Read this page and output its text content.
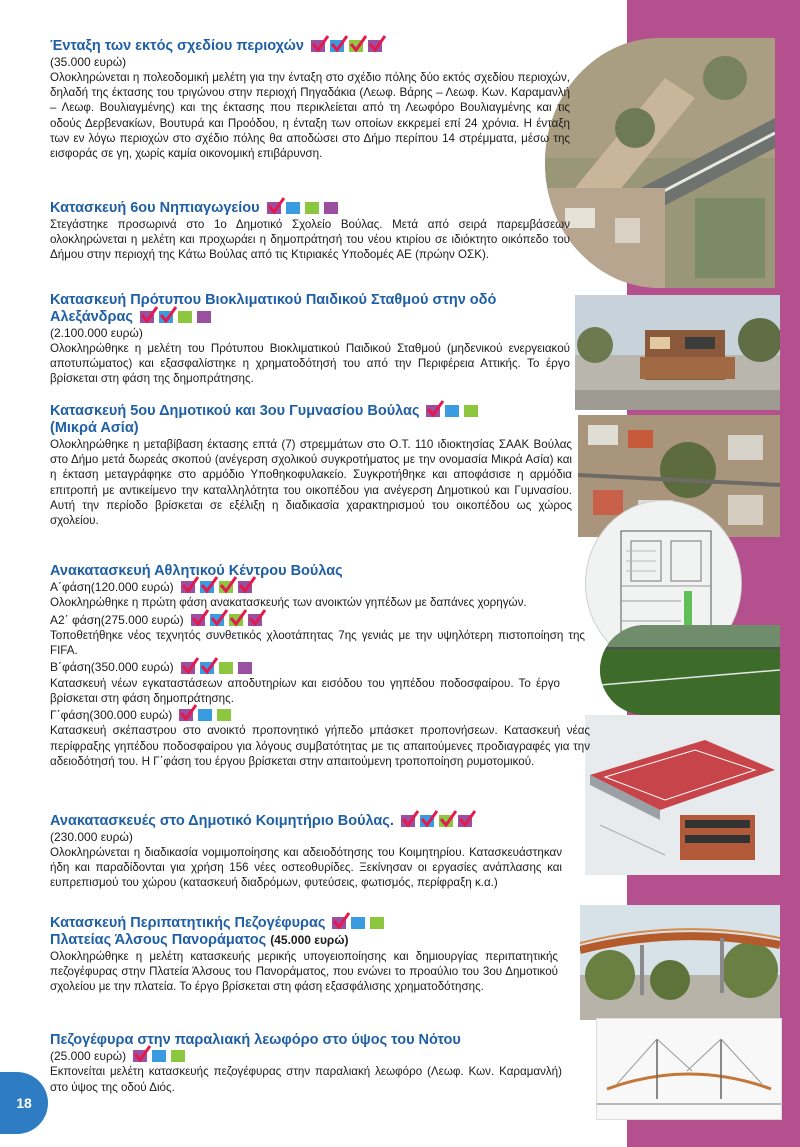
Ένταξη των εκτός σχεδίου περιοχών
(35.000 ευρώ)
Ολοκληρώνεται η πολεοδομική μελέτη για την ένταξη στο σχέδιο πόλης δύο εκτός σχεδίου περιοχών, δηλαδή της έκτασης του τριγώνου στην περιοχή Πηγαδάκια (Λεωφ. Βάρης – Λεωφ. Κων. Καραμανλή – Λεωφ. Βουλιαγμένης) και της έκτασης που περικλείεται από τη Λεωφόρο Βουλιαγμένης και τις οδούς Δερβενακίων, Βουτυρά και Προόδου, η ένταξη των οποίων εκκρεμεί επί 24 χρόνια. Η ένταξη των εν λόγω περιοχών στο σχέδιο πόλης θα αποδώσει στο Δήμο περίπου 14 στρέμματα, μέσω της εισφοράς σε γη, χωρίς καμία οικονομική επιβάρυνση.
Κατασκευή 6ου Νηπιαγωγείου
Στεγάστηκε προσωρινά στο 1ο Δημοτικό Σχολείο Βούλας. Μετά από σειρά παρεμβάσεων ολοκληρώνεται η μελέτη και προχωράει η δημοπράτησή του νέου κτιρίου σε ιδιόκτητο οικόπεδο του Δήμου στην περιοχή της Κάτω Βούλας από τις Κτιριακές Υποδομές ΑΕ (πρώην ΟΣΚ).
Κατασκευή Πρότυπου Βιοκλιματικού Παιδικού Σταθμού στην οδό
Αλεξάνδρας
(2.100.000 ευρώ)
Ολοκληρώθηκε η μελέτη του Πρότυπου Βιοκλιματικού Παιδικού Σταθμού (μηδενικού ενεργειακού αποτυπώματος) και εξασφαλίστηκε η χρηματοδότησή του από την Περιφέρεια Αττικής. Το έργο βρίσκεται στη φάση της δημοπράτησης.
Κατασκευή 5ου Δημοτικού και 3ου Γυμνασίου Βούλας
(Μικρά Ασία)
Ολοκληρώθηκε η μεταβίβαση έκτασης επτά (7) στρεμμάτων στο Ο.Τ. 110 ιδιοκτησίας ΣΑΑΚ Βούλας στο Δήμο μετά δωρεάς σκοπού (ανέγερση σχολικού συγκροτήματος με την ονομασία Μικρά Ασία) και η έκταση μεταγράφηκε στο αρμόδιο Υποθηκοφυλακείο. Συγκροτήθηκε και αποφάσισε η αρμόδια επιτροπή με αντικείμενο την καταλληλότητα του οικοπέδου για ανέγερση Δημοτικού και Γυμνασίου. Αυτή την περίοδο βρίσκεται σε εξέλιξη η διαδικασία χαρακτηρισμού του οικοπέδου ως χώρος σχολείου.
Ανακατασκευή Αθλητικού Κέντρου Βούλας
Α΄φάση(120.000 ευρώ)
Ολοκληρώθηκε η πρώτη φάση ανακατασκευής των ανοικτών γηπέδων με δαπάνες χορηγών.
Α2΄ φάση(275.000 ευρώ)
Τοποθετήθηκε νέος τεχνητός συνθετικός χλοοτάπητας 7ης γενιάς με την υψηλότερη πιστοποίηση της FIFA.
Β΄φάση(350.000 ευρώ)
Κατασκευή νέων εγκαταστάσεων αποδυτηρίων και εισόδου του γηπέδου ποδοσφαίρου. Το έργο βρίσκεται στη φάση δημοπράτησης.
Γ΄φάση(300.000 ευρώ)
Κατασκευή σκέπαστρου στο ανοικτό προπονητικό γήπεδο μπάσκετ προπονήσεων. Κατασκευή νέας περίφραξης γηπέδου ποδοσφαίρου για λόγους συμβατότητας με τις απαιτούμενες προδιαγραφές για την αδειοδότησή του. Η Γ΄φάση του έργου βρίσκεται στην απαιτούμενη τροποποίηση ρυμοτομικού.
Ανακατασκευές στο Δημοτικό Κοιμητήριο Βούλας.
(230.000 ευρώ)
Ολοκληρώνεται η διαδικασία νομιμοποίησης και αδειοδότησης του Κοιμητηρίου. Κατασκευάστηκαν ήδη και παραδίδονται για χρήση 156 νέες οστεοθυρίδες. Ξεκίνησαν οι εργασίες ανάπλασης και ευπρεπισμού του χώρου (κατασκευή διαδρόμων, φυτεύσεις, φωτισμός, περίφραξη κ.α.)
Κατασκευή Περιπατητικής Πεζογέφυρας
Πλατείας Άλσους Πανοράματος (45.000 ευρώ)
Ολοκληρώθηκε η μελέτη κατασκευής μερικής υπογειοποίησης και δημιουργίας περιπατητικής πεζογέφυρας στην Πλατεία Άλσους του Πανοράματος, που ενώνει το προαύλιο του 3ου Δημοτικού σχολείου με την πλατεία. Το έργο βρίσκεται στη φάση εξασφάλισης χρηματοδότησης.
Πεζογέφυρα στην παραλιακή λεωφόρο στο ύψος του Νότου
(25.000 ευρώ)
Εκπονείται μελέτη κατασκευής πεζογέφυρας στην παραλιακή λεωφόρο (Λεωφ. Κων. Καραμανλή) στο ύψος της οδού Διός.
18
